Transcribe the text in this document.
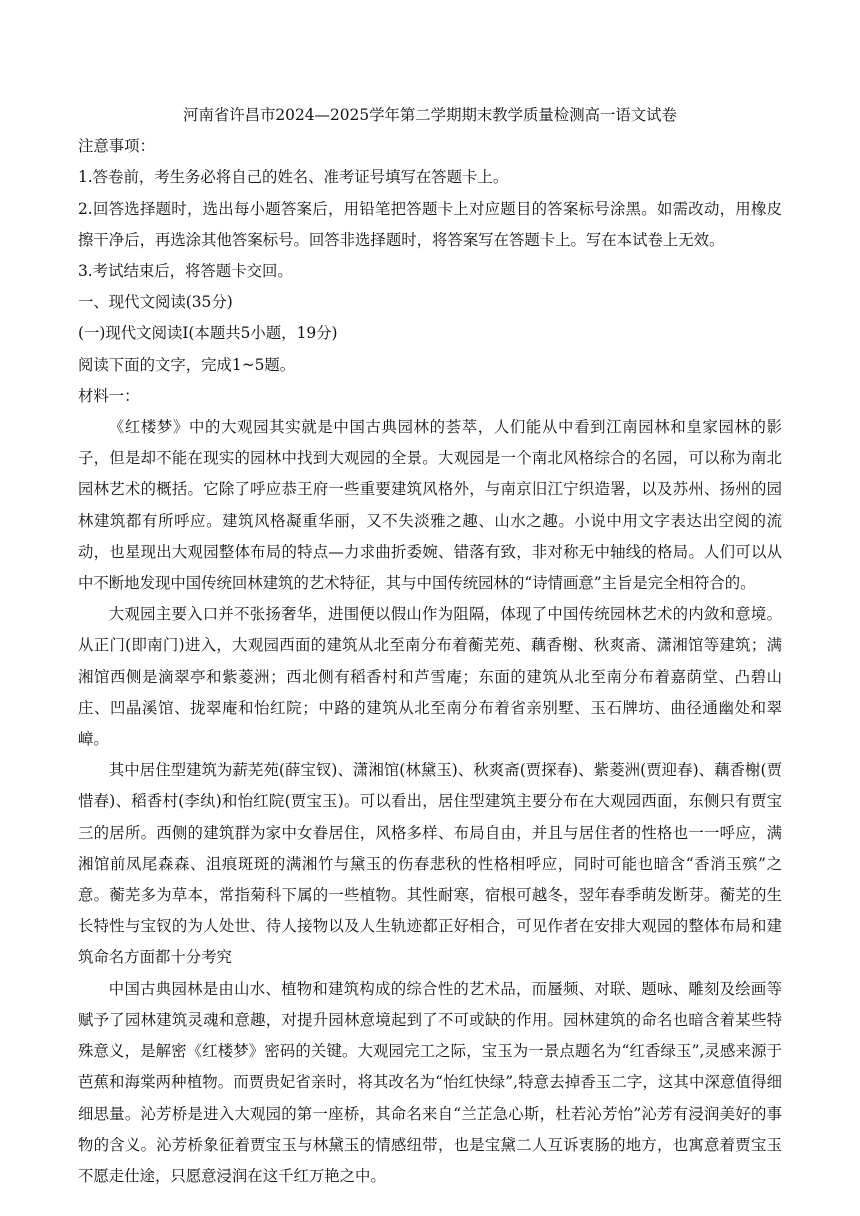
河南省许昌市2024—2025学年第二学期期末教学质量检测高一语文试卷

注意事项：

1.答卷前，考生务必将自己的姓名、准考证号填写在答题卡上。

2.回答选择题时，选出每小题答案后，用铅笔把答题卡上对应题目的答案标号涂黑。如需改动，用橡皮擦干净后，再选涂其他答案标号。回答非选择题时，将答案写在答题卡上。写在本试卷上无效。

3.考试结束后，将答题卡交回。

一、现代文阅读(35分)

(一)现代文阅读Ⅰ(本题共5小题，19分)

阅读下面的文字，完成1~5题。

材料一：

《红楼梦》中的大观园其实就是中国古典园林的荟萃，人们能从中看到江南园林和皇家园林的影子，但是却不能在现实的园林中找到大观园的全景。大观园是一个南北风格综合的名园，可以称为南北园林艺术的概括。它除了呼应恭王府一些重要建筑风格外，与南京旧江宁织造署，以及苏州、扬州的园林建筑都有所呼应。建筑风格凝重华丽，又不失淡雅之趣、山水之趣。小说中用文字表达出空阅的流动，也星现出大观园整体布局的特点—力求曲折委婉、错落有致，非对称无中轴线的格局。人们可以从中不断地发现中国传统回林建筑的艺术特征，其与中国传统园林的“诗情画意”主旨是完全相符合的。

大观园主要入口并不张扬奢华，进围便以假山作为阻隔，体现了中国传统园林艺术的内敛和意境。从正门(即南门)进入，大观园西面的建筑从北至南分布着蘅芜苑、藕香榭、秋爽斋、潇湘馆等建筑；满湘馆西侧是滴翠亭和紫菱洲；西北侧有稻香村和芦雪庵；东面的建筑从北至南分布着嘉荫堂、凸碧山庄、凹晶溪馆、拢翠庵和怡红院；中路的建筑从北至南分布着省亲别墅、玉石牌坊、曲径通幽处和翠嶂。

其中居住型建筑为薪芜苑(薛宝钗)、潇湘馆(林黛玉)、秋爽斋(贾探春)、紫菱洲(贾迎春)、藕香榭(贾惜春)、稻香村(李纨)和怡红院(贾宝玉)。可以看出，居住型建筑主要分布在大观园西面，东侧只有贾宝三的居所。西侧的建筑群为家中女眷居住，风格多样、布局自由，并且与居住者的性格也一一呼应，满湘馆前凤尾森森、沮痕斑斑的满湘竹与黛玉的伤春悲秋的性格相呼应，同时可能也暗含“香消玉殡”之意。蘅芜多为草本，常指菊科下属的一些植物。其性耐寒，宿根可越冬，翌年春季萌发断芽。蘅芜的生长特性与宝钗的为人处世、待人接物以及人生轨迹都正好相合，可见作者在安排大观园的整体布局和建筑命名方面都十分考究

中国古典园林是由山水、植物和建筑构成的综合性的艺术品，而蜃频、对联、题咏、雕刻及绘画等赋予了园林建筑灵魂和意趣，对提升园林意境起到了不可或缺的作用。园林建筑的命名也暗含着某些特殊意义，是解密《红楼梦》密码的关键。大观园完工之际，宝玉为一景点题名为“红香绿玉”,灵感来源于芭蕉和海棠两种植物。而贾贵妃省亲时，将其改名为“怡红快绿”,特意去掉香玉二字，这其中深意值得细细思量。沁芳桥是进入大观园的第一座桥，其命名来自“兰芷急心斯，杜若沁芳怡”沁芳有浸润美好的事物的含义。沁芳桥象征着贾宝玉与林黛玉的情感纽带，也是宝黛二人互诉衷肠的地方，也寓意着贾宝玉不愿走仕途，只愿意浸润在这千红万艳之中。
